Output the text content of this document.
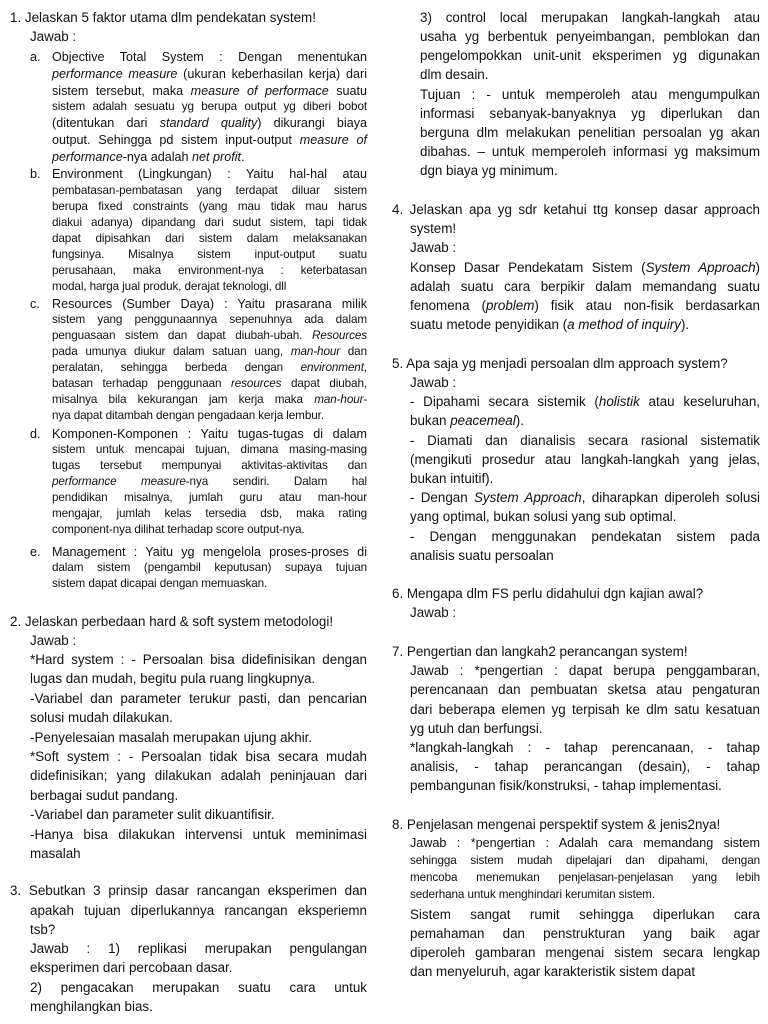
1. Jelaskan 5 faktor utama dlm pendekatan system!
Jawab :
a. Objective Total System : Dengan menentukan
performance measure (ukuran keberhasilan kerja) dari
sistem tersebut, maka measure of performace suatu
sistem adalah sesuatu yg berupa output yg diberi bobot
(ditentukan dari standard quality) dikurangi biaya
output. Sehingga pd sistem input-output measure of
performance-nya adalah net profit.
b. Environment (Lingkungan) : Yaitu hal-hal atau
pembatasan-pembatasan yang terdapat diluar sistem
berupa fixed constraints (yang mau tidak mau harus
diakui adanya) dipandang dari sudut sistem, tapi tidak
dapat dipisahkan dari sistem dalam melaksanakan
fungsinya. Misalnya sistem input-output suatu
perusahaan, maka environment-nya : keterbatasan
modal, harga jual produk, derajat teknologi, dll
c. Resources (Sumber Daya) : Yaitu prasarana milik
sistem yang penggunaannya sepenuhnya ada dalam
penguasaan sistem dan dapat diubah-ubah. Resources
pada umunya diukur dalam satuan uang, man-hour dan
peralatan, sehingga berbeda dengan environment,
batasan terhadap penggunaan resources dapat diubah,
misalnya bila kekurangan jam kerja maka man-hour-
nya dapat ditambah dengan pengadaan kerja lembur.
d. Komponen-Komponen : Yaitu tugas-tugas di dalam
sistem untuk mencapai tujuan, dimana masing-masing
tugas tersebut mempunyai aktivitas-aktivitas dan
performance measure-nya sendiri. Dalam hal
pendidikan misalnya, jumlah guru atau man-hour
mengajar, jumlah kelas tersedia dsb, maka rating
component-nya dilihat terhadap score output-nya.
e. Management : Yaitu yg mengelola proses-proses di
dalam sistem (pengambil keputusan) supaya tujuan
sistem dapat dicapai dengan memuaskan.
2. Jelaskan perbedaan hard & soft system metodologi!
Jawab :
*Hard system : - Persoalan bisa didefinisikan dengan
lugas dan mudah, begitu pula ruang lingkupnya.
-Variabel dan parameter terukur pasti, dan pencarian
solusi mudah dilakukan.
-Penyelesaian masalah merupakan ujung akhir.
*Soft system : - Persoalan tidak bisa secara mudah
didefinisikan; yang dilakukan adalah peninjauan dari
berbagai sudut pandang.
-Variabel dan parameter sulit dikuantifisir.
-Hanya bisa dilakukan intervensi untuk meminimasi
masalah
3. Sebutkan 3 prinsip dasar rancangan eksperimen dan
apakah tujuan diperlukannya rancangan eksperiemn
tsb?
Jawab : 1) replikasi merupakan pengulangan
eksperimen dari percobaan dasar.
2) pengacakan merupakan suatu cara untuk
menghilangkan bias.
3) control local merupakan langkah-langkah atau
usaha yg berbentuk penyeimbangan, pemblokan dan
pengelompokkan unit-unit eksperimen yg digunakan
dlm desain.
Tujuan : - untuk memperoleh atau mengumpulkan
informasi sebanyak-banyaknya yg diperlukan dan
berguna dlm melakukan penelitian persoalan yg akan
dibahas. – untuk memperoleh informasi yg maksimum
dgn biaya yg minimum.
4. Jelaskan apa yg sdr ketahui ttg konsep dasar approach
system!
Jawab :
Konsep Dasar Pendekatam Sistem (System Approach)
adalah suatu cara berpikir dalam memandang suatu
fenomena (problem) fisik atau non-fisik berdasarkan
suatu metode penyidikan (a method of inquiry).
5. Apa saja yg menjadi persoalan dlm approach system?
Jawab :
- Dipahami secara sistemik (holistik atau keseluruhan,
bukan peacemeal).
- Diamati dan dianalisis secara rasional sistematik
(mengikuti prosedur atau langkah-langkah yang jelas,
bukan intuitif).
- Dengan System Approach, diharapkan diperoleh solusi
yang optimal, bukan solusi yang sub optimal.
- Dengan menggunakan pendekatan sistem pada
analisis suatu persoalan
6. Mengapa dlm FS perlu didahului dgn kajian awal?
Jawab :
7. Pengertian dan langkah2 perancangan system!
Jawab : *pengertian : dapat berupa penggambaran,
perencanaan dan pembuatan sketsa atau pengaturan
dari beberapa elemen yg terpisah ke dlm satu kesatuan
yg utuh dan berfungsi.
*langkah-langkah : - tahap perencanaan, - tahap
analisis, - tahap perancangan (desain), - tahap
pembangunan fisik/konstruksi, - tahap implementasi.
8. Penjelasan mengenai perspektif system & jenis2nya!
Jawab : *pengertian : Adalah cara memandang sistem
sehingga sistem mudah dipelajari dan dipahami, dengan
mencoba menemukan penjelasan-penjelasan yang lebih
sederhana untuk menghindari kerumitan sistem.
Sistem sangat rumit sehingga diperlukan cara
pemahaman dan penstrukturan yang baik agar
diperoleh gambaran mengenai sistem secara lengkap
dan menyeluruh, agar karakteristik sistem dapat
